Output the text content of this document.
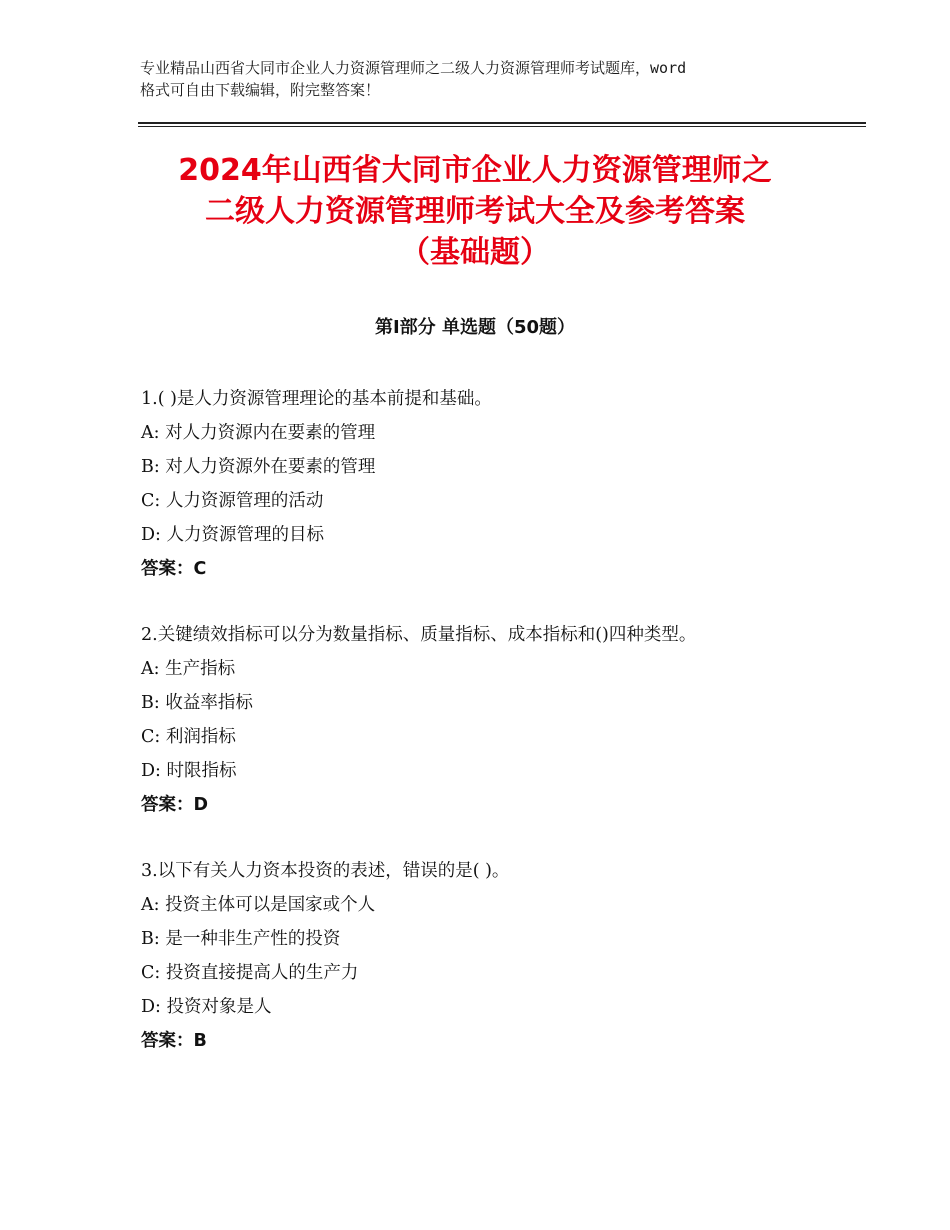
专业精品山西省大同市企业人力资源管理师之二级人力资源管理师考试题库，word
格式可自由下载编辑，附完整答案！
2024年山西省大同市企业人力资源管理师之
二级人力资源管理师考试大全及参考答案
（基础题）
第Ⅰ部分 单选题（50题）
1.( )是人力资源管理理论的基本前提和基础。
A: 对人力资源内在要素的管理
B: 对人力资源外在要素的管理
C: 人力资源管理的活动
D: 人力资源管理的目标
答案：C
2.关键绩效指标可以分为数量指标、质量指标、成本指标和()四种类型。
A: 生产指标
B: 收益率指标
C: 利润指标
D: 时限指标
答案：D
3.以下有关人力资本投资的表述，错误的是( )。
A: 投资主体可以是国家或个人
B: 是一种非生产性的投资
C: 投资直接提高人的生产力
D: 投资对象是人
答案：B
